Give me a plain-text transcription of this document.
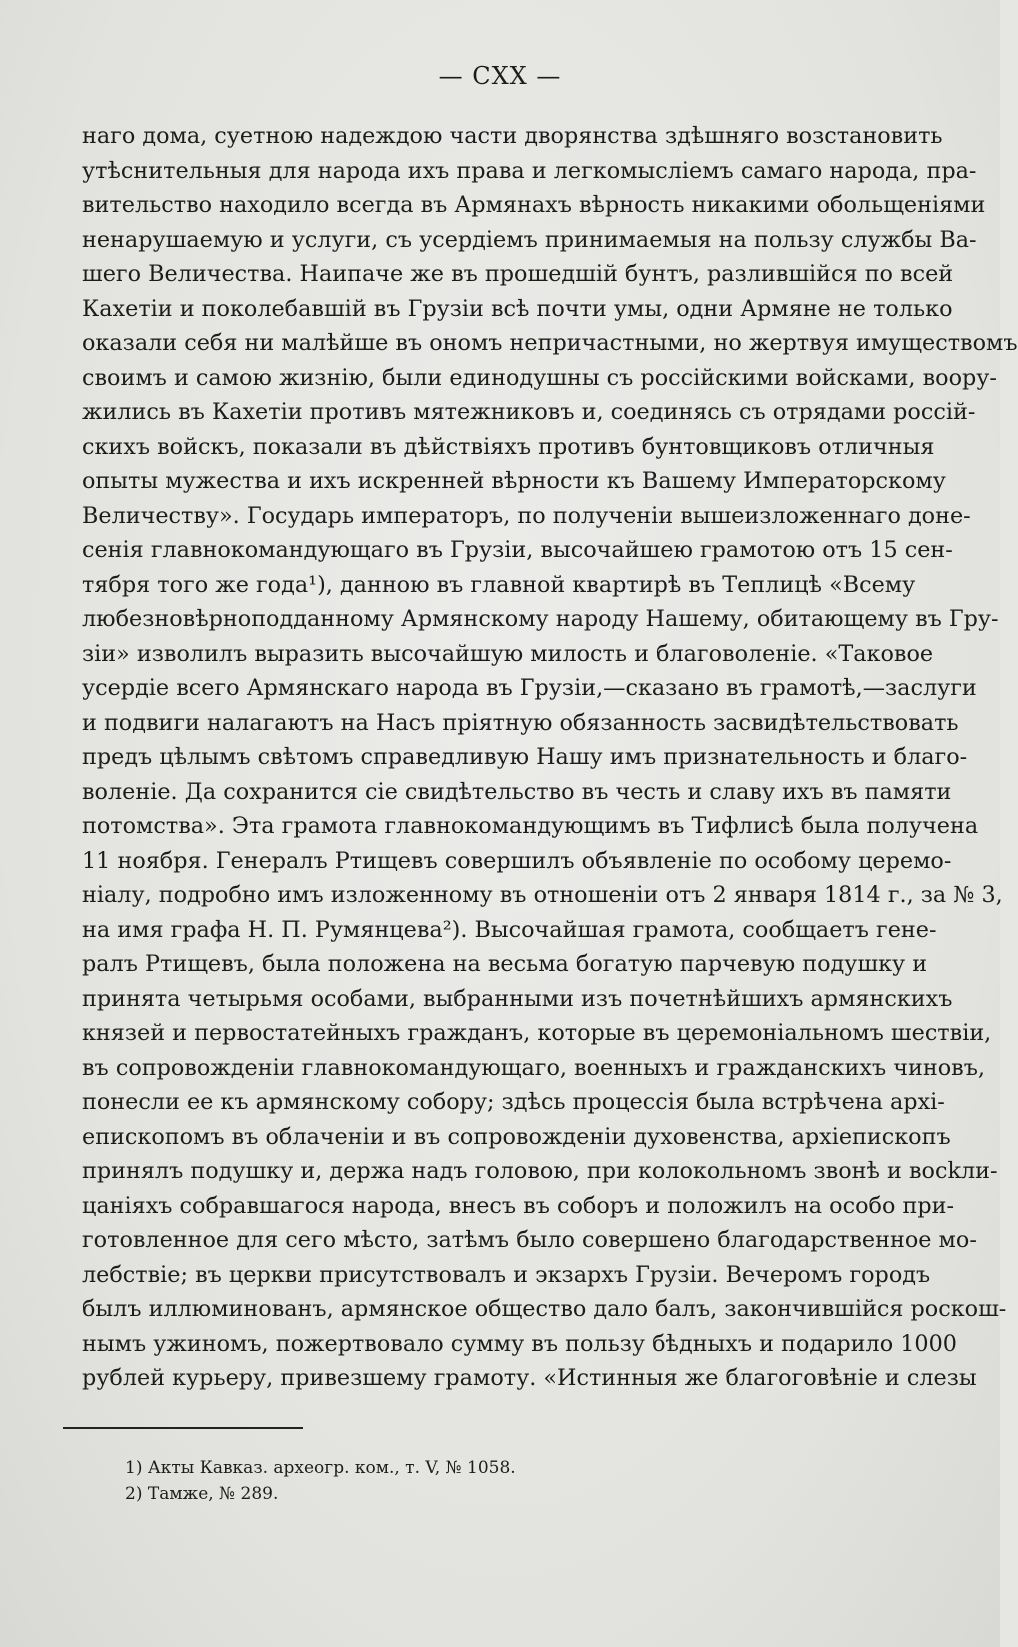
— CXX —
наго дома, суетною надеждою части дворянства здѣшняго возстановить
утѣснительныя для народа ихъ права и легкомысліемъ самаго народа, пра-
вительство находило всегда въ Армянахъ вѣрность никакими обольщеніями
ненарушаемую и услуги, съ усердіемъ принимаемыя на пользу службы Ва-
шего Величества. Наипаче же въ прошедшій бунтъ, разлившійся по всей
Кахетіи и поколебавшій въ Грузіи всѣ почти умы, одни Армяне не только
оказали себя ни малѣйше въ ономъ непричастными, но жертвуя имуществомъ
своимъ и самою жизнію, были единодушны съ россійскими войсками, воору-
жились въ Кахетіи противъ мятежниковъ и, соединясь съ отрядами россій-
скихъ войскъ, показали въ дѣйствіяхъ противъ бунтовщиковъ отличныя
опыты мужества и ихъ искренней вѣрности къ Вашему Императорскому
Величеству». Государь императоръ, по полученіи вышеизложеннаго доне-
сенія главнокомандующаго въ Грузіи, высочайшею грамотою отъ 15 сен-
тября того же года¹), данною въ главной квартирѣ въ Теплицѣ «Всему
любезновѣрноподданному Армянскому народу Нашему, обитающему въ Гру-
зіи» изволилъ выразить высочайшую милость и благоволеніе. «Таковое
усердіе всего Армянскаго народа въ Грузіи,—сказано въ грамотѣ,—заслуги
и подвиги налагаютъ на Насъ пріятную обязанность засвидѣтельствовать
предъ цѣлымъ свѣтомъ справедливую Нашу имъ признательность и благо-
воленіе. Да сохранится сіе свидѣтельство въ честь и славу ихъ въ памяти
потомства». Эта грамота главнокомандующимъ въ Тифлисѣ была получена
11 ноября. Генералъ Ртищевъ совершилъ объявленіе по особому церемо-
ніалу, подробно имъ изложенному въ отношеніи отъ 2 января 1814 г., за № 3,
на имя графа Н. П. Румянцева²). Высочайшая грамота, сообщаетъ гене-
ралъ Ртищевъ, была положена на весьма богатую парчевую подушку и
принята четырьмя особами, выбранными изъ почетнѣйшихъ армянскихъ
князей и первостатейныхъ гражданъ, которые въ церемоніальномъ шествіи,
въ сопровожденіи главнокомандующаго, военныхъ и гражданскихъ чиновъ,
понесли ее къ армянскому собору; здѣсь процессія была встрѣчена архі-
епископомъ въ облаченіи и въ сопровожденіи духовенства, архіепископъ
принялъ подушку и, держа надъ головою, при колокольномъ звонѣ и восkли-
цаніяхъ собравшагося народа, внесъ въ соборъ и положилъ на особо при-
готовленное для сего мѣсто, затѣмъ было совершено благодарственное мо-
лебствіе; въ церкви присутствовалъ и экзархъ Грузіи. Вечеромъ городъ
былъ иллюминованъ, армянское общество дало балъ, закончившійся роскош-
нымъ ужиномъ, пожертвовало сумму въ пользу бѣдныхъ и подарило 1000
рублей курьеру, привезшему грамоту. «Истинныя же благоговѣніе и слезы
1) Акты Кавказ. археогр. ком., т. V, № 1058.
2) Тамже, № 289.
